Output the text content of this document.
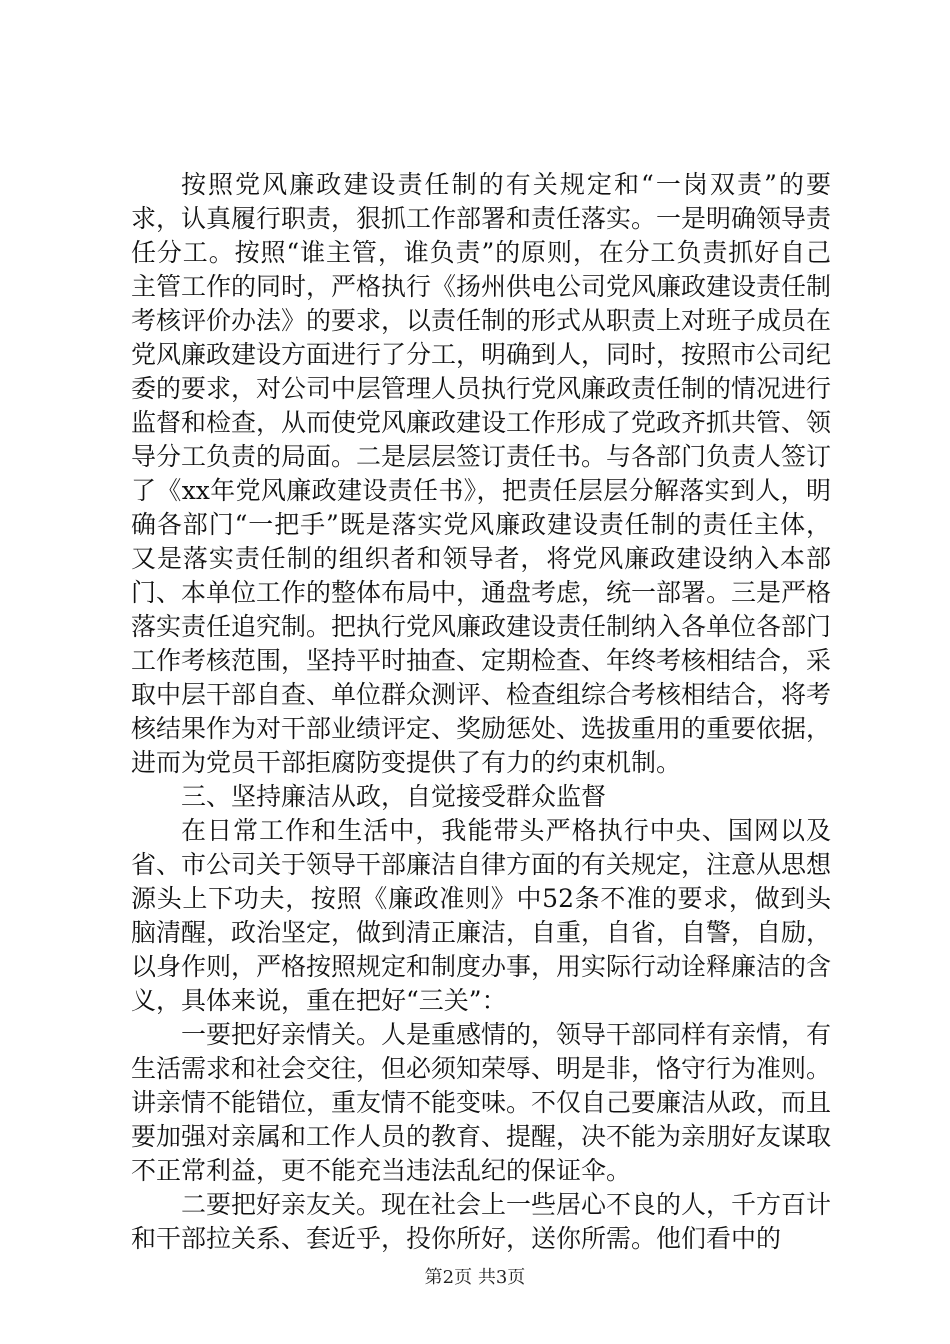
按照党风廉政建设责任制的有关规定和“一岗双责”的要求，认真履行职责，狠抓工作部署和责任落实。一是明确领导责任分工。按照“谁主管，谁负责”的原则，在分工负责抓好自己主管工作的同时，严格执行《扬州供电公司党风廉政建设责任制考核评价办法》的要求，以责任制的形式从职责上对班子成员在党风廉政建设方面进行了分工，明确到人，同时，按照市公司纪委的要求，对公司中层管理人员执行党风廉政责任制的情况进行监督和检查，从而使党风廉政建设工作形成了党政齐抓共管、领导分工负责的局面。二是层层签订责任书。与各部门负责人签订了《xx年党风廉政建设责任书》，把责任层层分解落实到人，明确各部门“一把手”既是落实党风廉政建设责任制的责任主体，又是落实责任制的组织者和领导者，将党风廉政建设纳入本部门、本单位工作的整体布局中，通盘考虑，统一部署。三是严格落实责任追究制。把执行党风廉政建设责任制纳入各单位各部门工作考核范围，坚持平时抽查、定期检查、年终考核相结合，采取中层干部自查、单位群众测评、检查组综合考核相结合，将考核结果作为对干部业绩评定、奖励惩处、选拔重用的重要依据，进而为党员干部拒腐防变提供了有力的约束机制。

三、坚持廉洁从政，自觉接受群众监督

在日常工作和生活中，我能带头严格执行中央、国网以及省、市公司关于领导干部廉洁自律方面的有关规定，注意从思想源头上下功夫，按照《廉政准则》中52条不准的要求，做到头脑清醒，政治坚定，做到清正廉洁，自重，自省，自警，自励，以身作则，严格按照规定和制度办事，用实际行动诠释廉洁的含义，具体来说，重在把好“三关”：

一要把好亲情关。人是重感情的，领导干部同样有亲情，有生活需求和社会交往，但必须知荣辱、明是非，恪守行为准则。讲亲情不能错位，重友情不能变味。不仅自己要廉洁从政，而且要加强对亲属和工作人员的教育、提醒，决不能为亲朋好友谋取不正常利益，更不能充当违法乱纪的保证伞。

二要把好亲友关。现在社会上一些居心不良的人，千方百计和干部拉关系、套近乎，投你所好，送你所需。他们看中的

第2页 共3页
